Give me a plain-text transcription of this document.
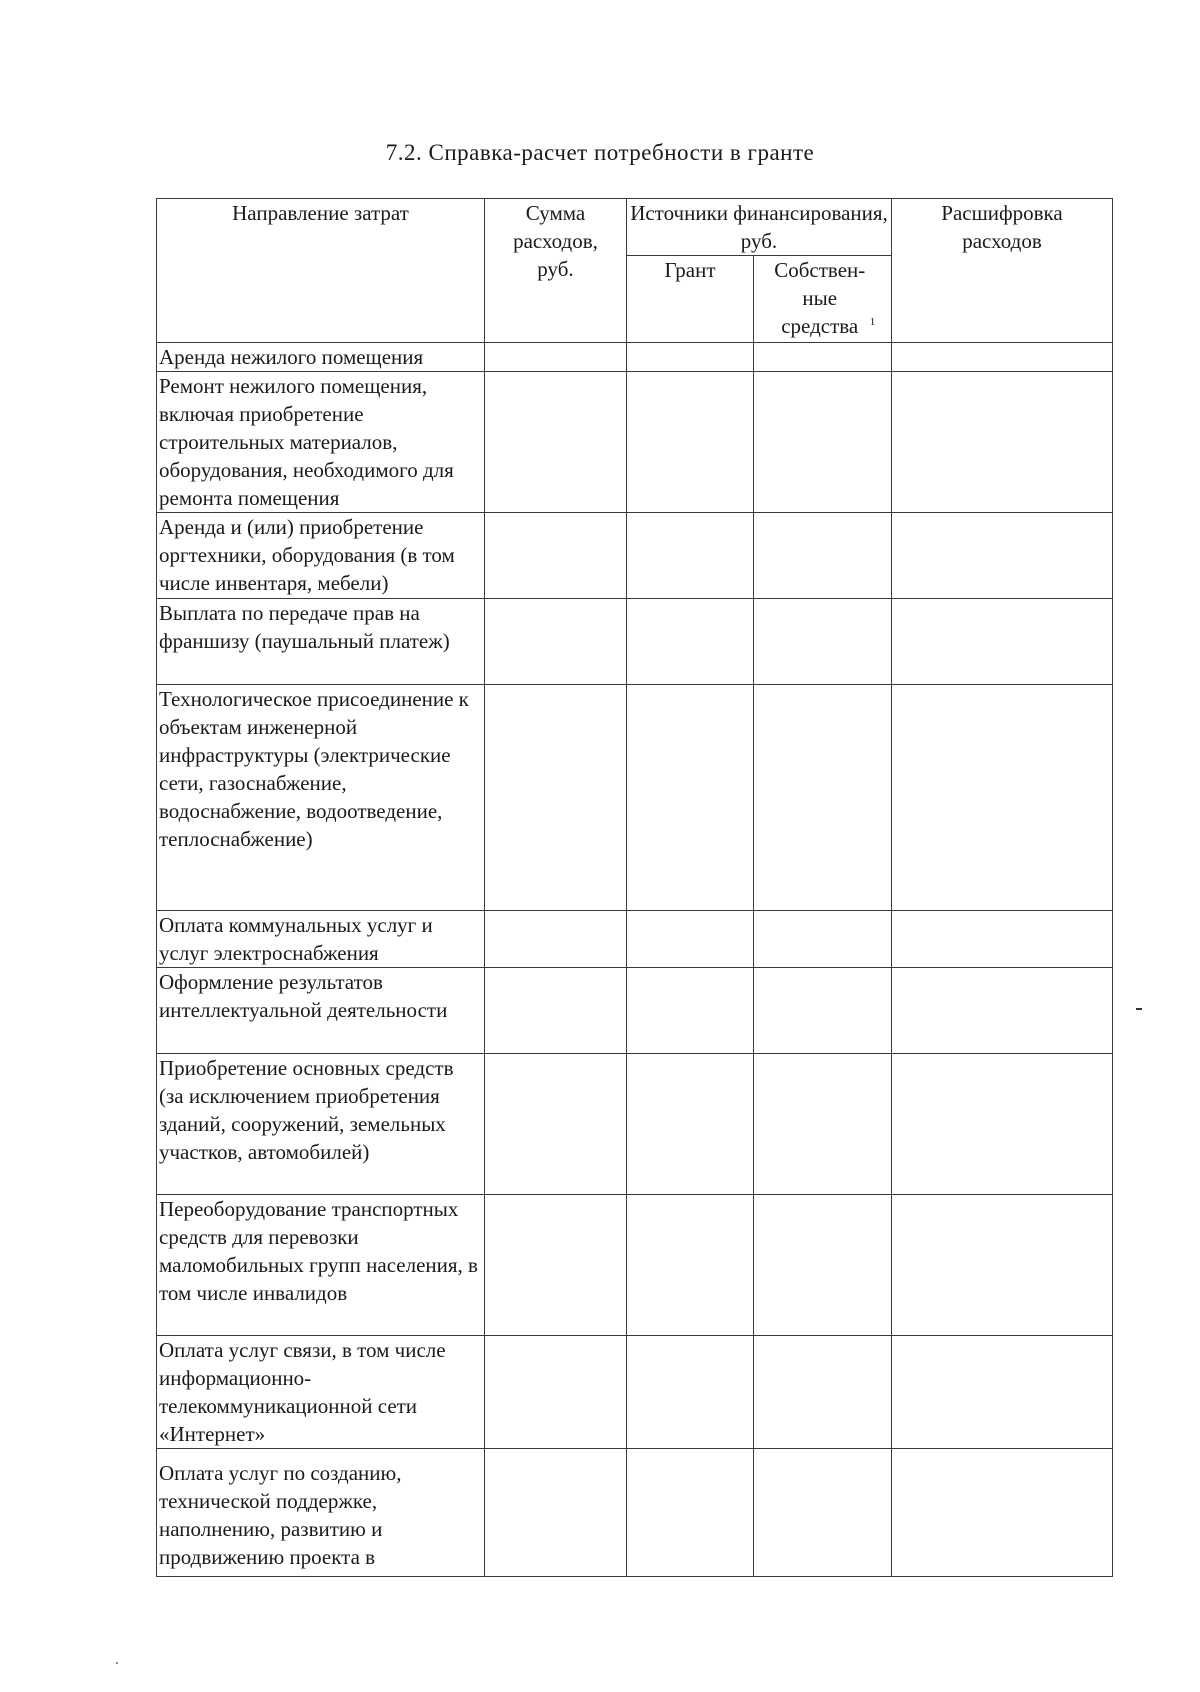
7.2. Справка-расчет потребности в гранте
Направление затрат	Сумма расходов, руб.	Источники финансирования, руб.		Расшифровка расходов
		Грант	Собствен-ные средства $^1$
Аренда нежилого помещения				
Ремонт нежилого помещения, включая приобретение строительных материалов, оборудования, необходимого для ремонта помещения				
Аренда и (или) приобретение оргтехники, оборудования (в том числе инвентаря, мебели)				
Выплата по передаче прав на франшизу (паушальный платеж)				
Технологическое присоединение к объектам инженерной инфраструктуры (электрические сети, газоснабжение, водоснабжение, водоотведение, теплоснабжение)				
Оплата коммунальных услуг и услуг электроснабжения				
Оформление результатов интеллектуальной деятельности				
Приобретение основных средств (за исключением приобретения зданий, сооружений, земельных участков, автомобилей)				
Переоборудование транспортных средств для перевозки маломобильных групп населения, в том числе инвалидов				
Оплата услуг связи, в том числе информационно-телекоммуникационной сети «Интернет»				
Оплата услуг по созданию, технической поддержке, наполнению, развитию и продвижению проекта в				
